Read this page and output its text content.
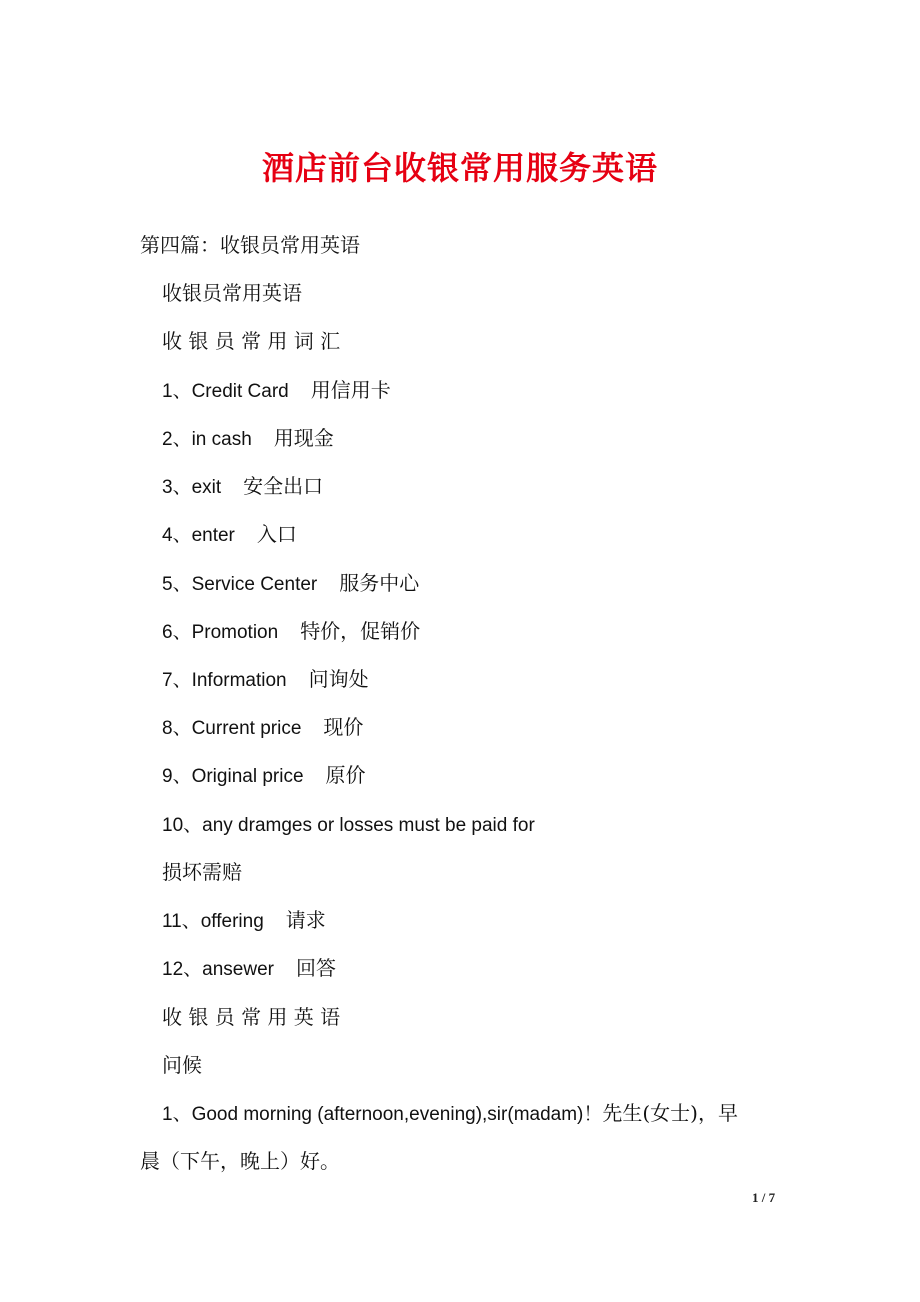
酒店前台收银常用服务英语
第四篇：收银员常用英语
收银员常用英语
收 银 员 常 用 词 汇
1、Credit Card 用信用卡
2、in cash 用现金
3、exit 安全出口
4、enter 入口
5、Service Center 服务中心
6、Promotion 特价，促销价
7、Information 问询处
8、Current price 现价
9、Original price 原价
10、any dramges or losses must be paid for
损坏需赔
11、offering 请求
12、ansewer 回答
收 银 员 常 用 英 语
问候
1、Good morning (afternoon,evening),sir(madam)！先生(女士)，早
晨（下午，晚上）好。
1 / 7
